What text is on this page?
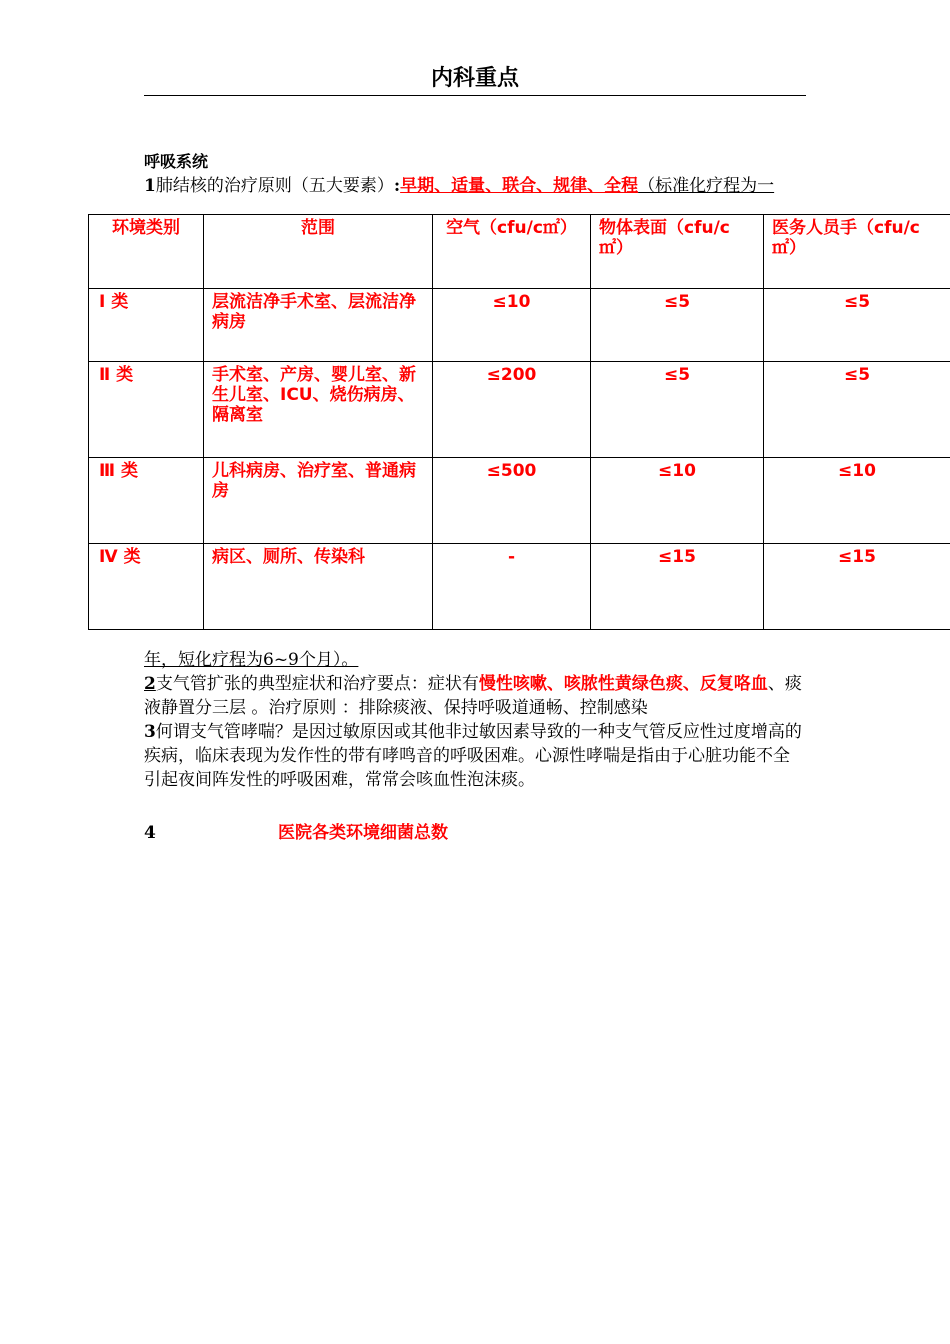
内科重点
呼吸系统
1肺结核的治疗原则（五大要素）:早期、适量、联合、规律、全程（标准化疗程为一
环境类别	范围	空气（cfu/c㎡）	物体表面（cfu/c㎡）	医务人员手（cfu/c㎡）
Ⅰ 类	层流洁净手术室、层流洁净病房	≤10	≤5	≤5
Ⅱ 类	手术室、产房、婴儿室、新生儿室、ICU、烧伤病房、隔离室	≤200	≤5	≤5
Ⅲ 类	儿科病房、治疗室、普通病房	≤500	≤10	≤10
Ⅳ 类	病区、厕所、传染科	-	≤15	≤15
年，短化疗程为6~9个月）。
2支气管扩张的典型症状和治疗要点：症状有慢性咳嗽、咳脓性黄绿色痰、反复咯血、痰液静置分三层 。治疗原则 ：排除痰液、保持呼吸道通畅、控制感染
3何谓支气管哮喘？是因过敏原因或其他非过敏因素导致的一种支气管反应性过度增高的疾病，临床表现为发作性的带有哮鸣音的呼吸困难。心源性哮喘是指由于心脏功能不全引起夜间阵发性的呼吸困难，常常会咳血性泡沫痰。
4	医院各类环境细菌总数
